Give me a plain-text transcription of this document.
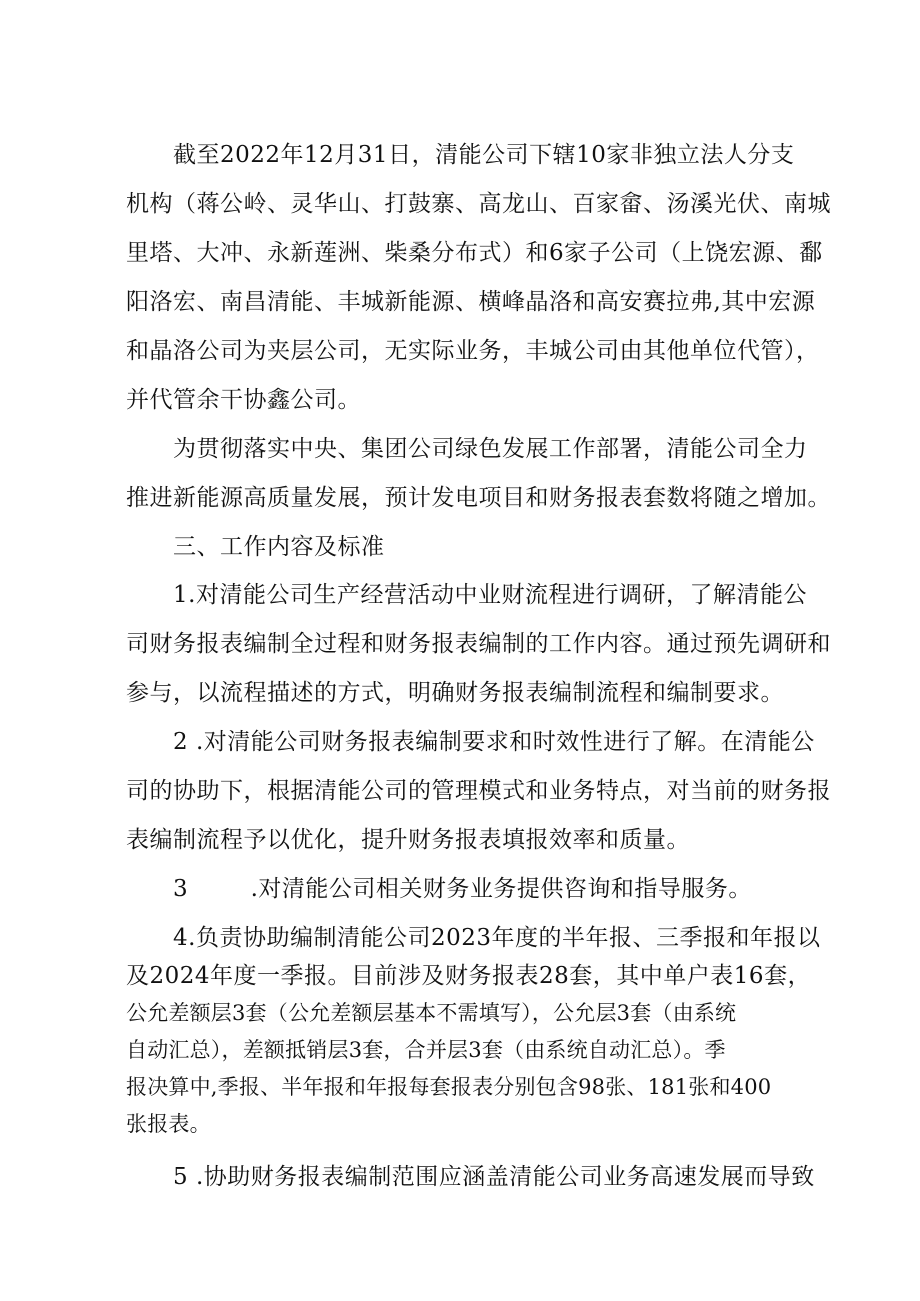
截至2022年12月31日，清能公司下辖10家非独立法人分支
机构（蒋公岭、灵华山、打鼓寨、高龙山、百家畲、汤溪光伏、南城
里塔、大冲、永新莲洲、柴桑分布式）和6家子公司（上饶宏源、鄱
阳洛宏、南昌清能、丰城新能源、横峰晶洛和高安赛拉弗,其中宏源
和晶洛公司为夹层公司，无实际业务，丰城公司由其他单位代管），
并代管余干协鑫公司。
为贯彻落实中央、集团公司绿色发展工作部署，清能公司全力
推进新能源高质量发展，预计发电项目和财务报表套数将随之增加。
三、工作内容及标准
1.对清能公司生产经营活动中业财流程进行调研，了解清能公
司财务报表编制全过程和财务报表编制的工作内容。通过预先调研和
参与，以流程描述的方式，明确财务报表编制流程和编制要求。
2 .对清能公司财务报表编制要求和时效性进行了解。在清能公
司的协助下，根据清能公司的管理模式和业务特点，对当前的财务报
表编制流程予以优化，提升财务报表填报效率和质量。
3        .对清能公司相关财务业务提供咨询和指导服务。
4.负责协助编制清能公司2023年度的半年报、三季报和年报以
及2024年度一季报。目前涉及财务报表28套，其中单户表16套，
公允差额层3套（公允差额层基本不需填写），公允层3套（由系统
自动汇总），差额抵销层3套，合并层3套（由系统自动汇总）。季
报决算中,季报、半年报和年报每套报表分别包含98张、181张和400
张报表。
5 .协助财务报表编制范围应涵盖清能公司业务高速发展而导致
